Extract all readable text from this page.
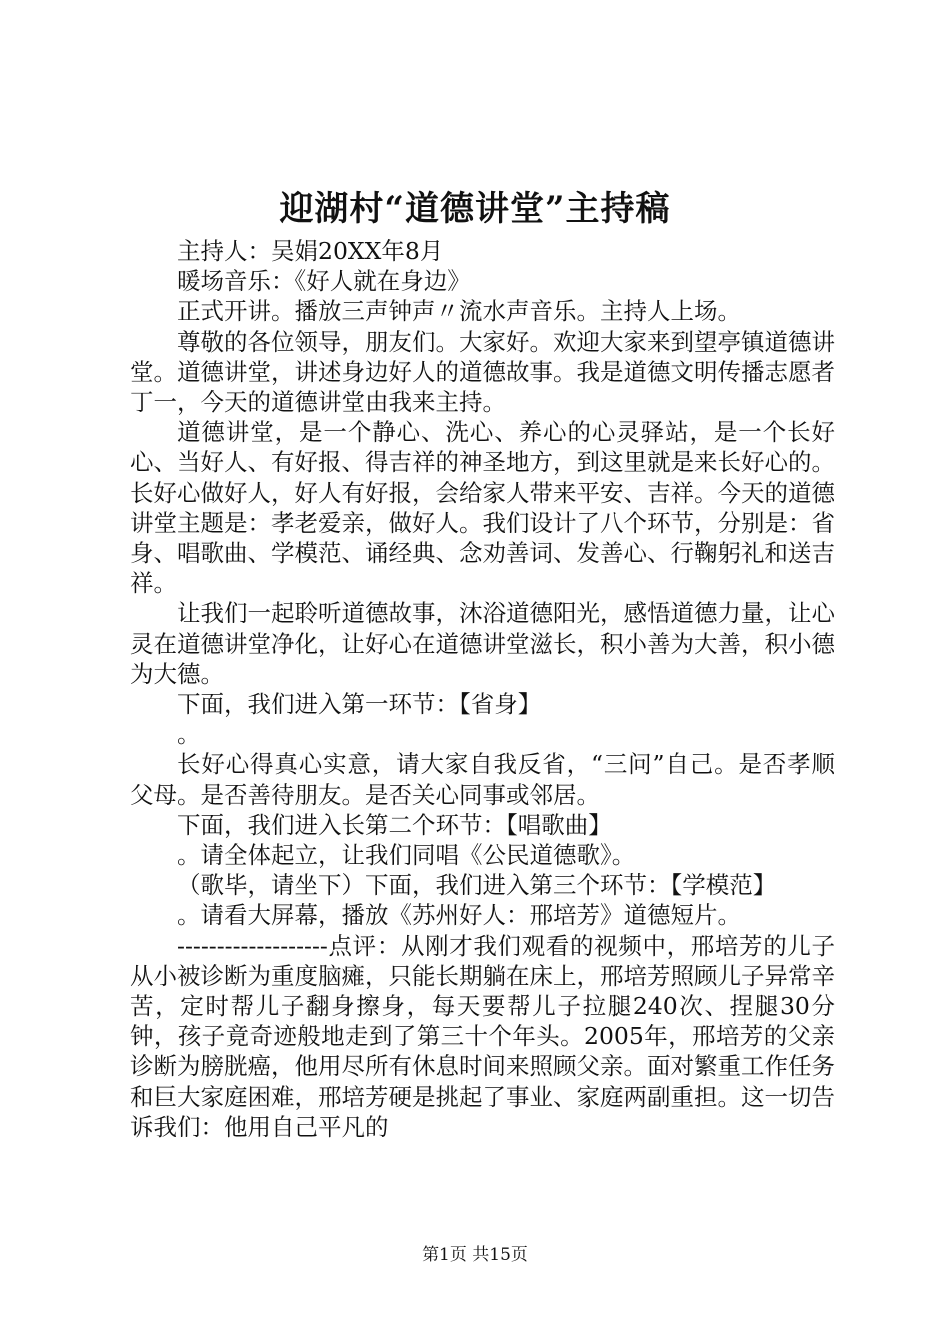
迎湖村“道德讲堂”主持稿

主持人：吴娟20XX年8月

暖场音乐：《好人就在身边》

正式开讲。播放三声钟声〃流水声音乐。主持人上场。

尊敬的各位领导，朋友们。大家好。欢迎大家来到望亭镇道德讲堂。道德讲堂，讲述身边好人的道德故事。我是道德文明传播志愿者丁一，今天的道德讲堂由我来主持。

道德讲堂，是一个静心、洗心、养心的心灵驿站，是一个长好心、当好人、有好报、得吉祥的神圣地方，到这里就是来长好心的。长好心做好人，好人有好报，会给家人带来平安、吉祥。今天的道德讲堂主题是：孝老爱亲，做好人。我们设计了八个环节，分别是：省身、唱歌曲、学模范、诵经典、念劝善词、发善心、行鞠躬礼和送吉祥。

让我们一起聆听道德故事，沐浴道德阳光，感悟道德力量，让心灵在道德讲堂净化，让好心在道德讲堂滋长，积小善为大善，积小德为大德。

下面，我们进入第一环节：【省身】

。

长好心得真心实意，请大家自我反省，“三问”自己。是否孝顺父母。是否善待朋友。是否关心同事或邻居。

下面，我们进入长第二个环节：【唱歌曲】

。请全体起立，让我们同唱《公民道德歌》。

（歌毕，请坐下）下面，我们进入第三个环节：【学模范】

。请看大屏幕，播放《苏州好人：邢培芳》道德短片。

-------------------点评：从刚才我们观看的视频中，邢培芳的儿子从小被诊断为重度脑瘫，只能长期躺在床上，邢培芳照顾儿子异常辛苦，定时帮儿子翻身擦身，每天要帮儿子拉腿240次、捏腿30分钟，孩子竟奇迹般地走到了第三十个年头。2005年，邢培芳的父亲诊断为膀胱癌，他用尽所有休息时间来照顾父亲。面对繁重工作任务和巨大家庭困难，邢培芳硬是挑起了事业、家庭两副重担。这一切告诉我们：他用自己平凡的

第1页 共15页
